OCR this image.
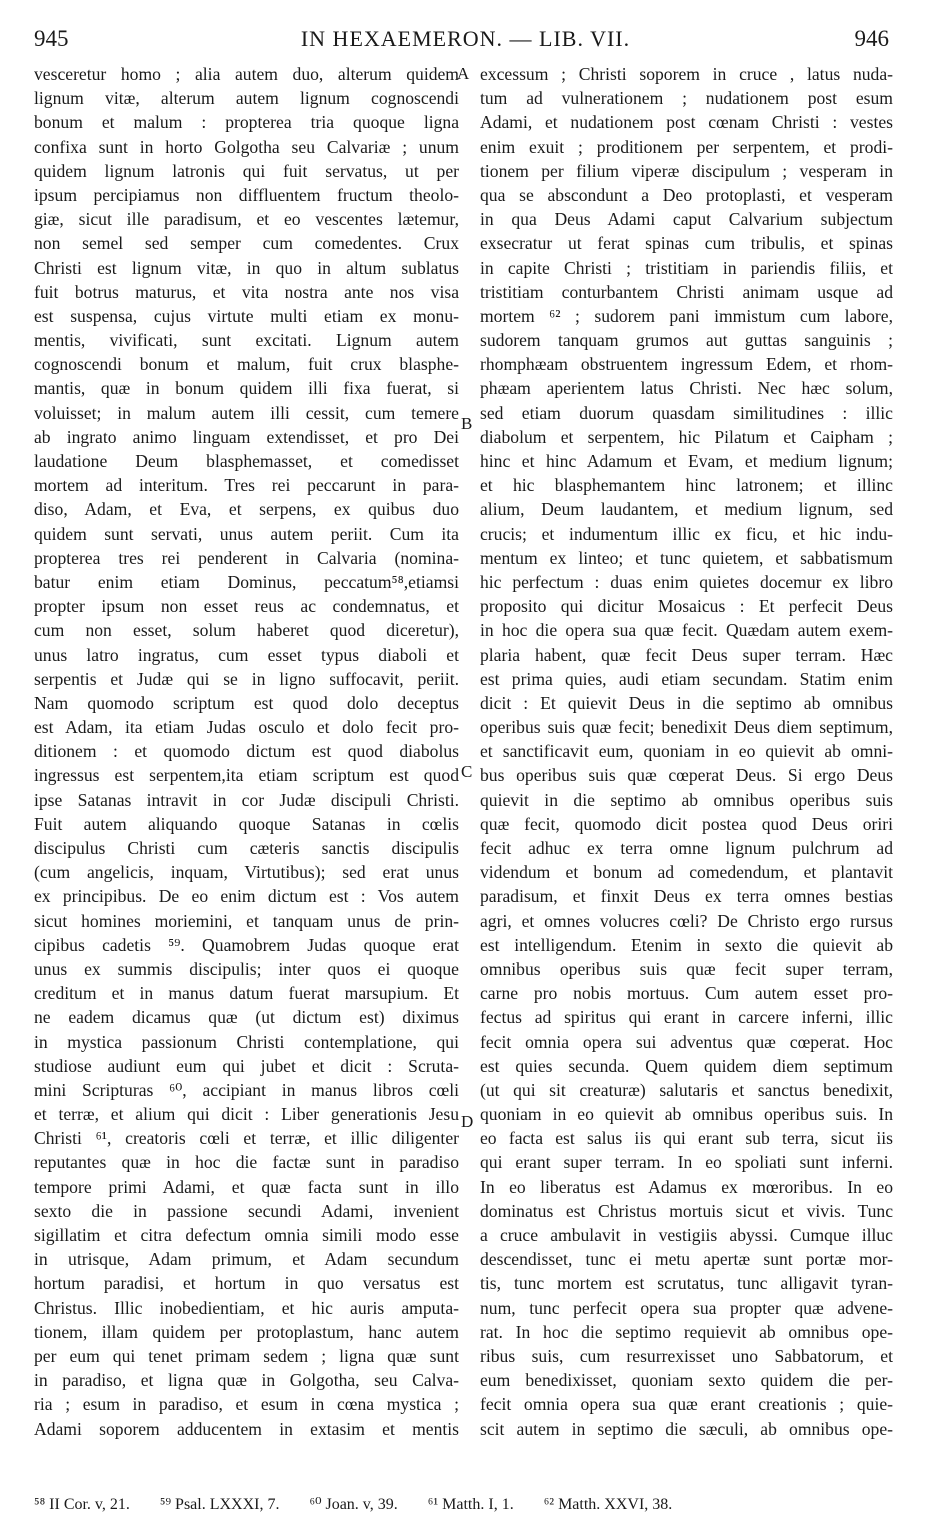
945	IN HEXAEMERON. — LIB. VII.	946
vesceretur homo ; alia autem duo, alterum quidem
lignum vitæ, alterum autem lignum cognoscendi
bonum et malum : propterea tria quoque ligna
confixa sunt in horto Golgotha seu Calvariæ ; unum
quidem lignum latronis qui fuit servatus, ut per
ipsum percipiamus non diffluentem fructum theolo-
giæ, sicut ille paradisum, et eo vescentes lætemur,
non semel sed semper cum comedentes. Crux
Christi est lignum vitæ, in quo in altum sublatus
fuit botrus maturus, et vita nostra ante nos visa
est suspensa, cujus virtute multi etiam ex monu-
mentis, vivificati, sunt excitati. Lignum autem
cognoscendi bonum et malum, fuit crux blasphe-
mantis, quæ in bonum quidem illi fixa fuerat, si
voluisset; in malum autem illi cessit, cum temere
ab ingrato animo linguam extendisset, et pro Dei
laudatione Deum blasphemasset, et comedisset
mortem ad interitum. Tres rei peccarunt in para-
diso, Adam, et Eva, et serpens, ex quibus duo
quidem sunt servati, unus autem periit. Cum ita
propterea tres rei penderent in Calvaria (nomina-
batur enim etiam Dominus, peccatum⁵⁸,etiamsi
propter ipsum non esset reus ac condemnatus, et
cum non esset, solum haberet quod diceretur),
unus latro ingratus, cum esset typus diaboli et
serpentis et Judæ qui se in ligno suffocavit, periit.
Nam quomodo scriptum est quod dolo deceptus
est Adam, ita etiam Judas osculo et dolo fecit pro-
ditionem : et quomodo dictum est quod diabolus
ingressus est serpentem,ita etiam scriptum est quod
ipse Satanas intravit in cor Judæ discipuli Christi.
Fuit autem aliquando quoque Satanas in cœlis
discipulus Christi cum cæteris sanctis discipulis
(cum angelicis, inquam, Virtutibus); sed erat unus
ex principibus. De eo enim dictum est : Vos autem
sicut homines moriemini, et tanquam unus de prin-
cipibus cadetis ⁵⁹. Quamobrem Judas quoque erat
unus ex summis discipulis; inter quos ei quoque
creditum et in manus datum fuerat marsupium. Et
ne eadem dicamus quæ (ut dictum est) diximus
in mystica passionum Christi contemplatione, qui
studiose audiunt eum qui jubet et dicit : Scruta-
mini Scripturas ⁶⁰, accipiant in manus libros cœli
et terræ, et alium qui dicit : Liber generationis Jesu
Christi ⁶¹, creatoris cœli et terræ, et illic diligenter
reputantes quæ in hoc die factæ sunt in paradiso
tempore primi Adami, et quæ facta sunt in illo
sexto die in passione secundi Adami, invenient
sigillatim et citra defectum omnia simili modo esse
in utrisque, Adam primum, et Adam secundum
hortum paradisi, et hortum in quo versatus est
Christus. Illic inobedientiam, et hic auris amputa-
tionem, illam quidem per protoplastum, hanc autem
per eum qui tenet primam sedem ; ligna quæ sunt
in paradiso, et ligna quæ in Golgotha, seu Calva-
ria ; esum in paradiso, et esum in cœna mystica ;
Adami soporem adducentem in extasim et mentis
A
B
C
D
excessum ; Christi soporem in cruce , latus nuda-
tum ad vulnerationem ; nudationem post esum
Adami, et nudationem post cœnam Christi : vestes
enim exuit ; proditionem per serpentem, et prodi-
tionem per filium viperæ discipulum ; vesperam in
qua se abscondunt a Deo protoplasti, et vesperam
in qua Deus Adami caput Calvarium subjectum
exsecratur ut ferat spinas cum tribulis, et spinas
in capite Christi ; tristitiam in pariendis filiis, et
tristitiam conturbantem Christi animam usque ad
mortem ⁶² ; sudorem pani immistum cum labore,
sudorem tanquam grumos aut guttas sanguinis ;
rhomphæam obstruentem ingressum Edem, et rhom-
phæam aperientem latus Christi. Nec hæc solum,
sed etiam duorum quasdam similitudines : illic
diabolum et serpentem, hic Pilatum et Caipham ;
hinc et hinc Adamum et Evam, et medium lignum;
et hic blasphemantem hinc latronem; et illinc
alium, Deum laudantem, et medium lignum, sed
crucis; et indumentum illic ex ficu, et hic indu-
mentum ex linteo; et tunc quietem, et sabbatismum
hic perfectum : duas enim quietes docemur ex libro
proposito qui dicitur Mosaicus : Et perfecit Deus
in hoc die opera sua quæ fecit. Quædam autem exem-
plaria habent, quæ fecit Deus super terram. Hæc
est prima quies, audi etiam secundam. Statim enim
dicit : Et quievit Deus in die septimo ab omnibus
operibus suis quæ fecit; benedixit Deus diem septimum,
et sanctificavit eum, quoniam in eo quievit ab omni-
bus operibus suis quæ cœperat Deus. Si ergo Deus
quievit in die septimo ab omnibus operibus suis
quæ fecit, quomodo dicit postea quod Deus oriri
fecit adhuc ex terra omne lignum pulchrum ad
videndum et bonum ad comedendum, et plantavit
paradisum, et finxit Deus ex terra omnes bestias
agri, et omnes volucres cœli? De Christo ergo rursus
est intelligendum. Etenim in sexto die quievit ab
omnibus operibus suis quæ fecit super terram,
carne pro nobis mortuus. Cum autem esset pro-
fectus ad spiritus qui erant in carcere inferni, illic
fecit omnia opera sui adventus quæ cœperat. Hoc
est quies secunda. Quem quidem diem septimum
(ut qui sit creaturæ) salutaris et sanctus benedixit,
quoniam in eo quievit ab omnibus operibus suis. In
eo facta est salus iis qui erant sub terra, sicut iis
qui erant super terram. In eo spoliati sunt inferni.
In eo liberatus est Adamus ex mœroribus. In eo
dominatus est Christus mortuis sicut et vivis. Tunc
a cruce ambulavit in vestigiis abyssi. Cumque illuc
descendisset, tunc ei metu apertæ sunt portæ mor-
tis, tunc mortem est scrutatus, tunc alligavit tyran-
num, tunc perfecit opera sua propter quæ advene-
rat. In hoc die septimo requievit ab omnibus ope-
ribus suis, cum resurrexisset uno Sabbatorum, et
eum benedixisset, quoniam sexto quidem die per-
fecit omnia opera sua quæ erant creationis ; quie-
scit autem in septimo die sæculi, ab omnibus ope-
⁵⁸ II Cor. v, 21. ⁵⁹ Psal. LXXXI, 7. ⁶⁰ Joan. v, 39. ⁶¹ Matth. I, 1. ⁶² Matth. XXVI, 38.
